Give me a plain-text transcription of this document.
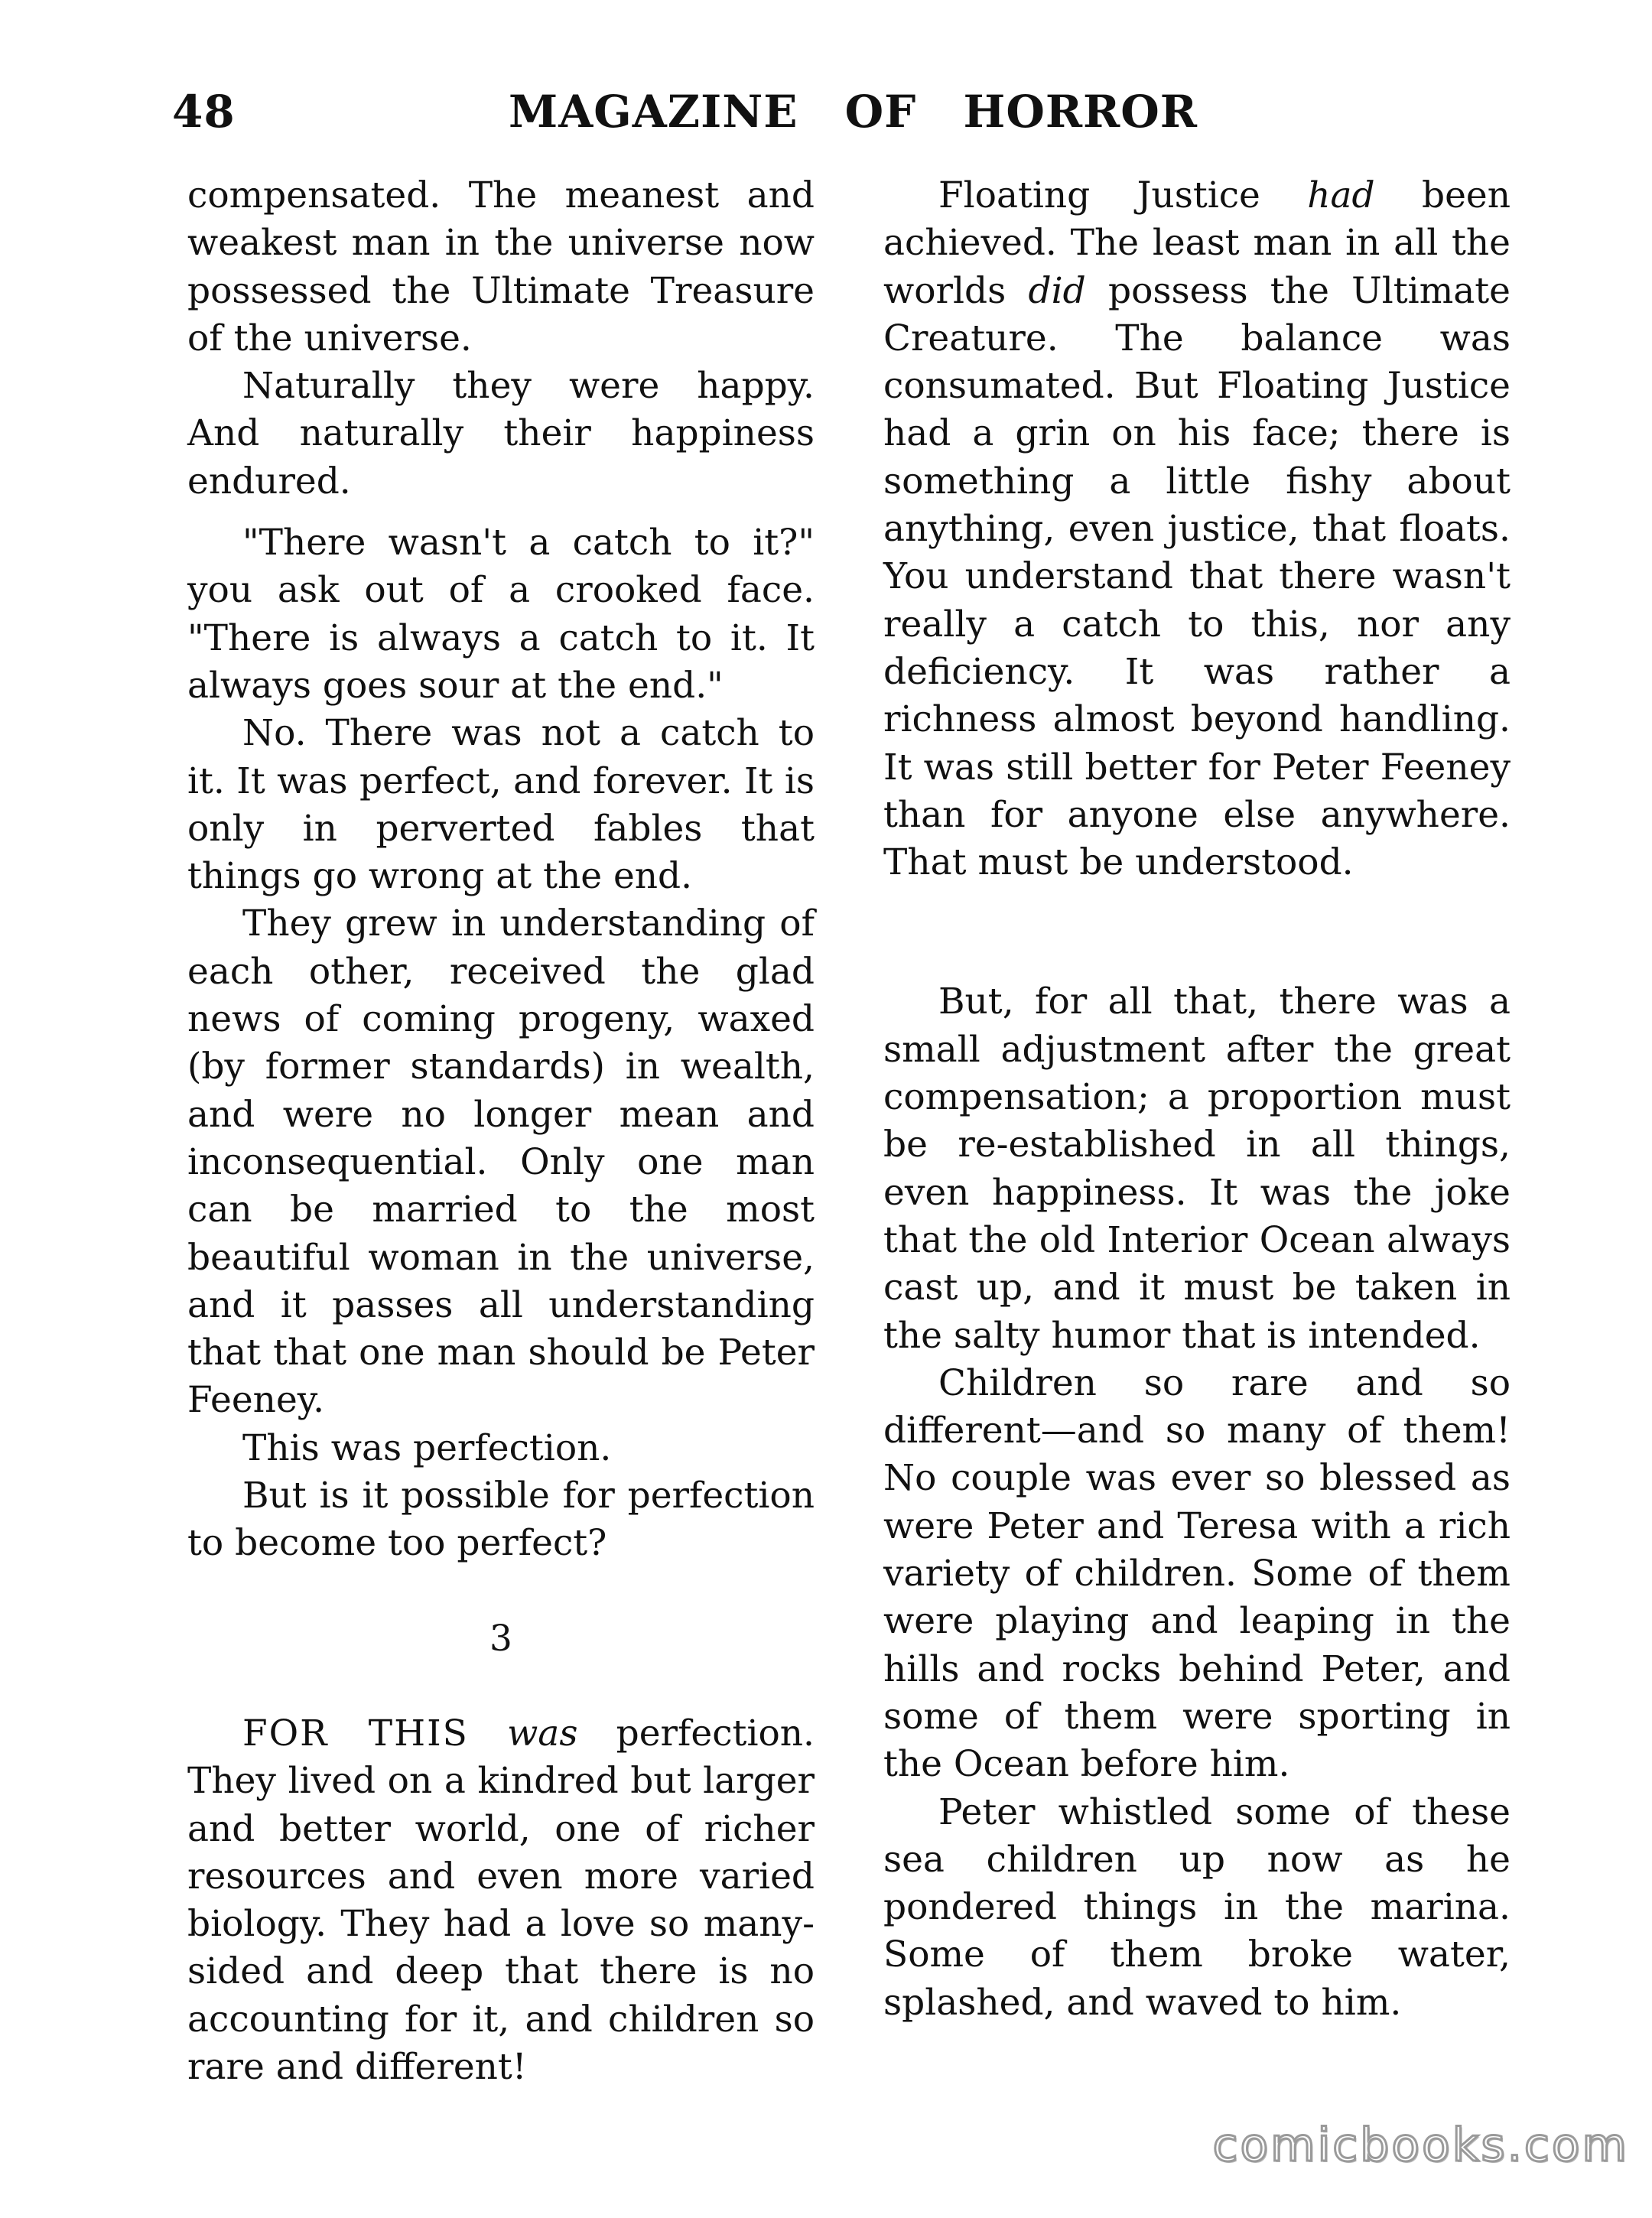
48	MAGAZINE OF HORROR

compensated. The meanest and weakest man in the universe now possessed the Ultimate Treasure of the universe.

Naturally they were happy. And naturally their happiness endured.

"There wasn't a catch to it?" you ask out of a crooked face. "There is always a catch to it. It always goes sour at the end."

No. There was not a catch to it. It was perfect, and forever. It is only in perverted fables that things go wrong at the end.

They grew in understanding of each other, received the glad news of coming progeny, waxed (by former standards) in wealth, and were no longer mean and inconsequential. Only one man can be married to the most beautiful woman in the universe, and it passes all understanding that that one man should be Peter Feeney.

This was perfection.

But is it possible for perfection to become too perfect?

3

FOR THIS was perfection. They lived on a kindred but larger and better world, one of richer resources and even more varied biology. They had a love so many-sided and deep that there is no accounting for it, and children so rare and different!

Floating Justice had been achieved. The least man in all the worlds did possess the Ultimate Creature. The balance was consumated. But Floating Justice had a grin on his face; there is something a little fishy about anything, even justice, that floats. You understand that there wasn't really a catch to this, nor any deficiency. It was rather a richness almost beyond handling. It was still better for Peter Feeney than for anyone else anywhere. That must be understood.

But, for all that, there was a small adjustment after the great compensation; a proportion must be re-established in all things, even happiness. It was the joke that the old Interior Ocean always cast up, and it must be taken in the salty humor that is intended.

Children so rare and so different—and so many of them! No couple was ever so blessed as were Peter and Teresa with a rich variety of children. Some of them were playing and leaping in the hills and rocks behind Peter, and some of them were sporting in the Ocean before him.

Peter whistled some of these sea children up now as he pondered things in the marina. Some of them broke water, splashed, and waved to him.

comicbooks.com
